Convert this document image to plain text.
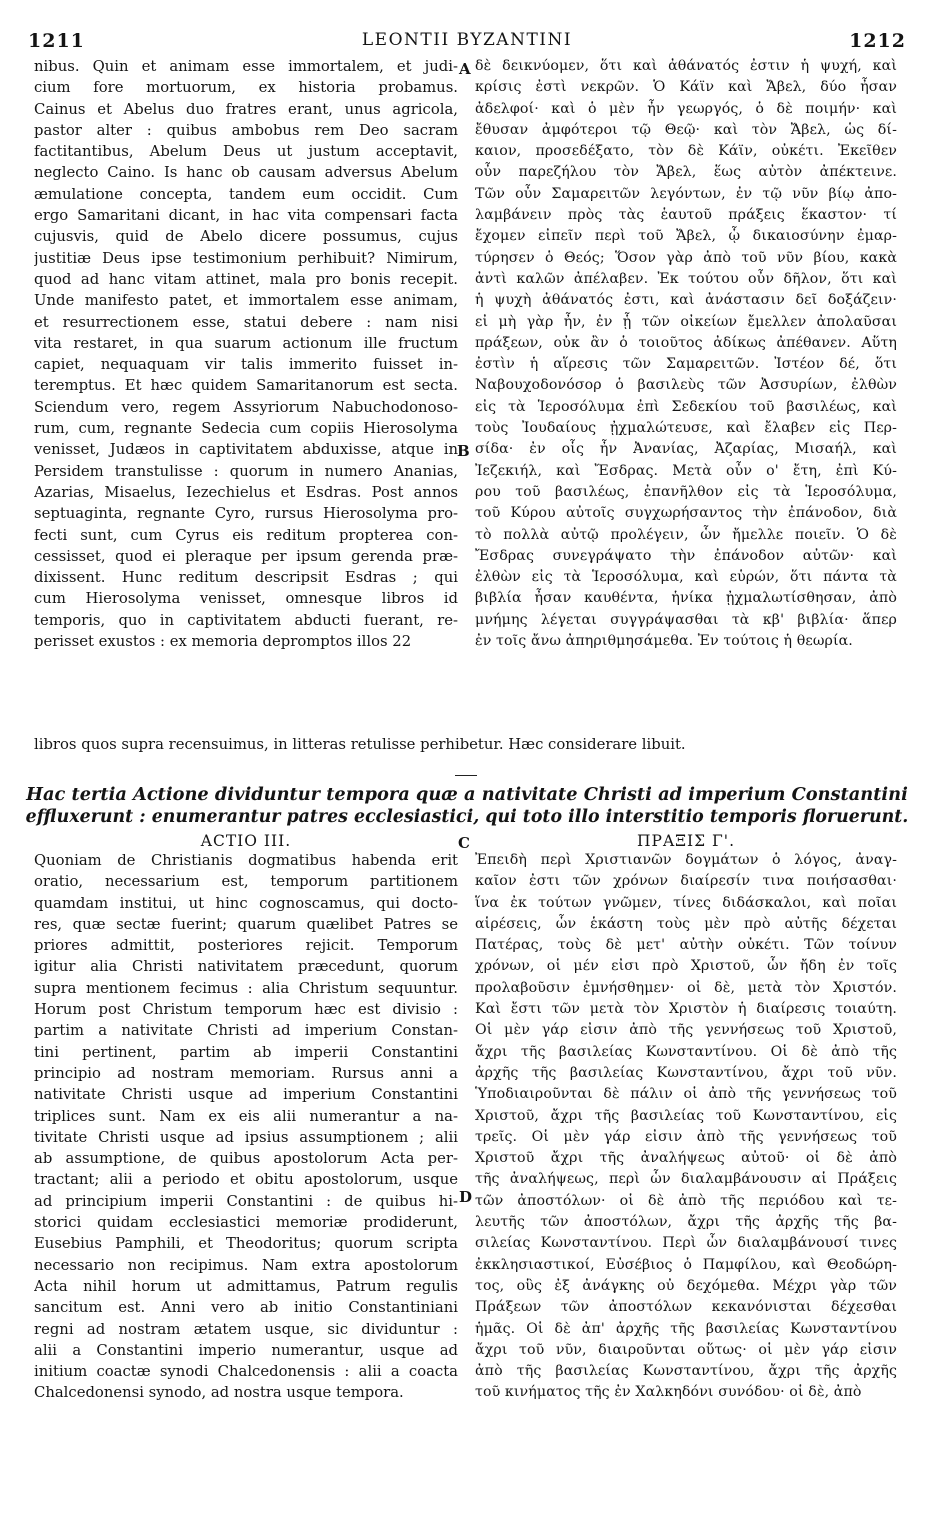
1211	LEONTII BYZANTINI	1212
nibus. Quin et animam esse immortalem, et judi-
cium fore mortuorum, ex historia probamus.
Cainus et Abelus duo fratres erant, unus agricola,
pastor alter : quibus ambobus rem Deo sacram
factitantibus, Abelum Deus ut justum acceptavit,
neglecto Caino. Is hanc ob causam adversus Abelum
æmulatione concepta, tandem eum occidit. Cum
ergo Samaritani dicant, in hac vita compensari facta
cujusvis, quid de Abelo dicere possumus, cujus
justitiæ Deus ipse testimonium perhibuit? Nimirum,
quod ad hanc vitam attinet, mala pro bonis recepit.
Unde manifesto patet, et immortalem esse animam,
et resurrectionem esse, statui debere : nam nisi
vita restaret, in qua suarum actionum ille fructum
capiet, nequaquam vir talis immerito fuisset in-
teremptus. Et hæc quidem Samaritanorum est secta.
Sciendum vero, regem Assyriorum Nabuchodonoso-
rum, cum, regnante Sedecia cum copiis Hierosolyma
venisset, Judæos in captivitatem abduxisse, atque in
Persidem transtulisse : quorum in numero Ananias,
Azarias, Misaelus, Iezechielus et Esdras. Post annos
septuaginta, regnante Cyro, rursus Hierosolyma pro-
fecti sunt, cum Cyrus eis reditum propterea con-
cessisset, quod ei pleraque per ipsum gerenda præ-
dixissent. Hunc reditum descripsit Esdras ; qui
cum Hierosolyma venisset, omnesque libros id
temporis, quo in captivitatem abducti fuerant, re-
perisset exustos : ex memoria depromptos illos 22
δὲ δεικνύομεν, ὅτι καὶ ἀθάνατός ἐστιν ἡ ψυχή, καὶ
κρίσις ἐστὶ νεκρῶν. Ὁ Κάϊν καὶ Ἄβελ, δύο ἦσαν
ἀδελφοί· καὶ ὁ μὲν ἦν γεωργός, ὁ δὲ ποιμήν· καὶ
ἔθυσαν ἀμφότεροι τῷ Θεῷ· καὶ τὸν Ἄβελ, ὡς δί-
καιον, προσεδέξατο, τὸν δὲ Κάϊν, οὐκέτι. Ἐκεῖθεν
οὖν παρεζήλου τὸν Ἄβελ, ἕως αὐτὸν ἀπέκτεινε.
Τῶν οὖν Σαμαρειτῶν λεγόντων, ἐν τῷ νῦν βίῳ ἀπο-
λαμβάνειν πρὸς τὰς ἑαυτοῦ πράξεις ἕκαστον· τί
ἔχομεν εἰπεῖν περὶ τοῦ Ἄβελ, ᾧ δικαιοσύνην ἐμαρ-
τύρησεν ὁ Θεός; Ὅσον γὰρ ἀπὸ τοῦ νῦν βίου, κακὰ
ἀντὶ καλῶν ἀπέλαβεν. Ἐκ τούτου οὖν δῆλον, ὅτι καὶ
ἡ ψυχὴ ἀθάνατός ἐστι, καὶ ἀνάστασιν δεῖ δοξάζειν·
εἰ μὴ γὰρ ἦν, ἐν ᾗ τῶν οἰκείων ἔμελλεν ἀπολαῦσαι
πράξεων, οὐκ ἂν ὁ τοιοῦτος ἀδίκως ἀπέθανεν. Αὕτη
ἐστὶν ἡ αἵρεσις τῶν Σαμαρειτῶν. Ἰστέον δέ, ὅτι
Ναβουχοδονόσορ ὁ βασιλεὺς τῶν Ἀσσυρίων, ἐλθὼν
εἰς τὰ Ἱεροσόλυμα ἐπὶ Σεδεκίου τοῦ βασιλέως, καὶ
τοὺς Ἰουδαίους ᾐχμαλώτευσε, καὶ ἔλαβεν εἰς Περ-
σίδα· ἐν οἷς ἦν Ἀνανίας, Ἀζαρίας, Μισαήλ, καὶ
Ἰεζεκιήλ, καὶ Ἔσδρας. Μετὰ οὖν ο' ἔτη, ἐπὶ Κύ-
ρου τοῦ βασιλέως, ἐπανῆλθον εἰς τὰ Ἱεροσόλυμα,
τοῦ Κύρου αὐτοῖς συγχωρήσαντος τὴν ἐπάνοδον, διὰ
τὸ πολλὰ αὐτῷ προλέγειν, ὧν ἤμελλε ποιεῖν. Ὁ δὲ
Ἔσδρας συνεγράψατο τὴν ἐπάνοδον αὐτῶν· καὶ
ἐλθὼν εἰς τὰ Ἱεροσόλυμα, καὶ εὑρών, ὅτι πάντα τὰ
βιβλία ἦσαν καυθέντα, ἡνίκα ᾐχμαλωτίσθησαν, ἀπὸ
μνήμης λέγεται συγγράψασθαι τὰ κβ' βιβλία· ἅπερ
ἐν τοῖς ἄνω ἀπηριθμησάμεθα. Ἐν τούτοις ἡ θεωρία.
A
B
libros quos supra recensuimus, in litteras retulisse perhibetur. Hæc considerare libuit.
Hac tertia Actione dividuntur tempora quæ a nativitate Christi ad imperium Constantini
effluxerunt : enumerantur patres ecclesiastici, qui toto illo interstitio temporis floruerunt.
ACTIO III.	C	ΠΡΑΞΙΣ Γ'.
Quoniam de Christianis dogmatibus habenda erit
oratio, necessarium est, temporum partitionem
quamdam institui, ut hinc cognoscamus, qui docto-
res, quæ sectæ fuerint; quarum quælibet Patres se
priores admittit, posteriores rejicit. Temporum
igitur alia Christi nativitatem præcedunt, quorum
supra mentionem fecimus : alia Christum sequuntur.
Horum post Christum temporum hæc est divisio :
partim a nativitate Christi ad imperium Constan-
tini pertinent, partim ab imperii Constantini
principio ad nostram memoriam. Rursus anni a
nativitate Christi usque ad imperium Constantini
triplices sunt. Nam ex eis alii numerantur a na-
tivitate Christi usque ad ipsius assumptionem ; alii
ab assumptione, de quibus apostolorum Acta per-
tractant; alii a periodo et obitu apostolorum, usque
ad principium imperii Constantini : de quibus hi-
storici quidam ecclesiastici memoriæ prodiderunt,
Eusebius Pamphili, et Theodoritus; quorum scripta
necessario non recipimus. Nam extra apostolorum
Acta nihil horum ut admittamus, Patrum regulis
sancitum est. Anni vero ab initio Constantiniani
regni ad nostram ætatem usque, sic dividuntur :
alii a Constantini imperio numerantur, usque ad
initium coactæ synodi Chalcedonensis : alii a coacta
Chalcedonensi synodo, ad nostra usque tempora.
Ἐπειδὴ περὶ Χριστιανῶν δογμάτων ὁ λόγος, ἀναγ-
καῖον ἐστι τῶν χρόνων διαίρεσίν τινα ποιήσασθαι·
ἵνα ἐκ τούτων γνῶμεν, τίνες διδάσκαλοι, καὶ ποῖαι
αἱρέσεις, ὧν ἑκάστη τοὺς μὲν πρὸ αὐτῆς δέχεται
Πατέρας, τοὺς δὲ μετ' αὐτὴν οὐκέτι. Τῶν τοίνυν
χρόνων, οἱ μέν εἰσι πρὸ Χριστοῦ, ὧν ἤδη ἐν τοῖς
προλαβοῦσιν ἐμνήσθημεν· οἱ δὲ, μετὰ τὸν Χριστόν.
Καὶ ἔστι τῶν μετὰ τὸν Χριστὸν ἡ διαίρεσις τοιαύτη.
Οἱ μὲν γάρ εἰσιν ἀπὸ τῆς γεννήσεως τοῦ Χριστοῦ,
ἄχρι τῆς βασιλείας Κωνσταντίνου. Οἱ δὲ ἀπὸ τῆς
ἀρχῆς τῆς βασιλείας Κωνσταντίνου, ἄχρι τοῦ νῦν.
Ὑποδιαιροῦνται δὲ πάλιν οἱ ἀπὸ τῆς γεννήσεως τοῦ
Χριστοῦ, ἄχρι τῆς βασιλείας τοῦ Κωνσταντίνου, εἰς
τρεῖς. Οἱ μὲν γάρ εἰσιν ἀπὸ τῆς γεννήσεως τοῦ
Χριστοῦ ἄχρι τῆς ἀναλήψεως αὐτοῦ· οἱ δὲ ἀπὸ
τῆς ἀναλήψεως, περὶ ὧν διαλαμβάνουσιν αἱ Πράξεις
τῶν ἀποστόλων· οἱ δὲ ἀπὸ τῆς περιόδου καὶ τε-
λευτῆς τῶν ἀποστόλων, ἄχρι τῆς ἀρχῆς τῆς βα-
σιλείας Κωνσταντίνου. Περὶ ὧν διαλαμβάνουσί τινες
ἐκκλησιαστικοί, Εὐσέβιος ὁ Παμφίλου, καὶ Θεοδώρη-
τος, οὓς ἐξ ἀνάγκης οὐ δεχόμεθα. Μέχρι γὰρ τῶν
Πράξεων τῶν ἀποστόλων κεκανόνισται δέχεσθαι
ἡμᾶς. Οἱ δὲ ἀπ' ἀρχῆς τῆς βασιλείας Κωνσταντίνου
ἄχρι τοῦ νῦν, διαιροῦνται οὕτως· οἱ μὲν γάρ εἰσιν
ἀπὸ τῆς βασιλείας Κωνσταντίνου, ἄχρι τῆς ἀρχῆς
τοῦ κινήματος τῆς ἐν Χαλκηδόνι συνόδου· οἱ δὲ, ἀπὸ
D
